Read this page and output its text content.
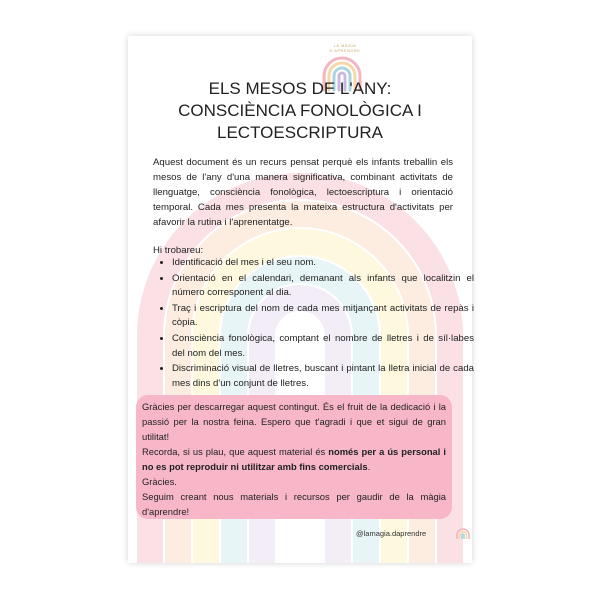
LA MÀGIA D'APRENDRE
ELS MESOS DE L'ANY:
CONSCIÈNCIA FONOLÒGICA I
LECTOESCRIPTURA
Aquest document és un recurs pensat perquè els infants treballin els mesos de l'any d'una manera significativa, combinant activitats de llenguatge, consciència fonològica, lectoescriptura i orientació temporal. Cada mes presenta la mateixa estructura d'activitats per afavorir la rutina i l'aprenentatge.
Hi trobareu:
• Identificació del mes i el seu nom.
• Orientació en el calendari, demanant als infants que localitzin el número corresponent al dia.
• Traç i escriptura del nom de cada mes mitjançant activitats de repàs i còpia.
• Consciència fonològica, comptant el nombre de lletres i de síl·labes del nom del mes.
• Discriminació visual de lletres, buscant i pintant la lletra inicial de cada mes dins d'un conjunt de lletres.

Gràcies per descarregar aquest contingut. És el fruit de la dedicació i la passió per la nostra feina. Espero que t'agradi i que et sigui de gran utilitat!

Recorda, si us plau, que aquest material és només per a ús personal i no es pot reproduir ni utilitzar amb fins comercials.

Gràcies.

Seguim creant nous materials i recursos per gaudir de la màgia d'aprendre!

@lamagia.daprendre
